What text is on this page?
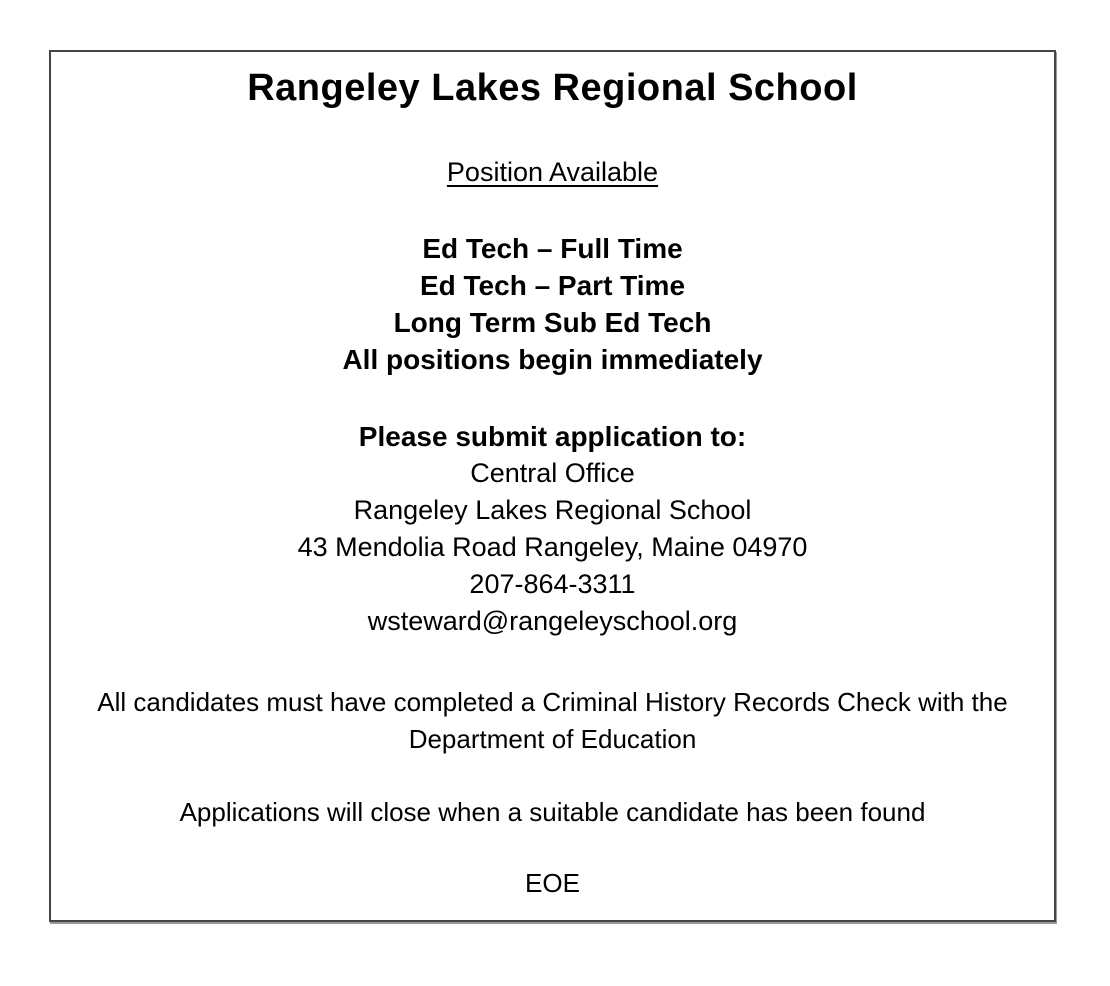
Rangeley Lakes Regional School
Position Available
Ed Tech – Full Time
Ed Tech – Part Time
Long Term Sub Ed Tech
All positions begin immediately
Please submit application to:
Central Office
Rangeley Lakes Regional School
43 Mendolia Road Rangeley, Maine 04970
207-864-3311
wsteward@rangeleyschool.org

All candidates must have completed a Criminal History Records Check with the Department of Education

Applications will close when a suitable candidate has been found

EOE
